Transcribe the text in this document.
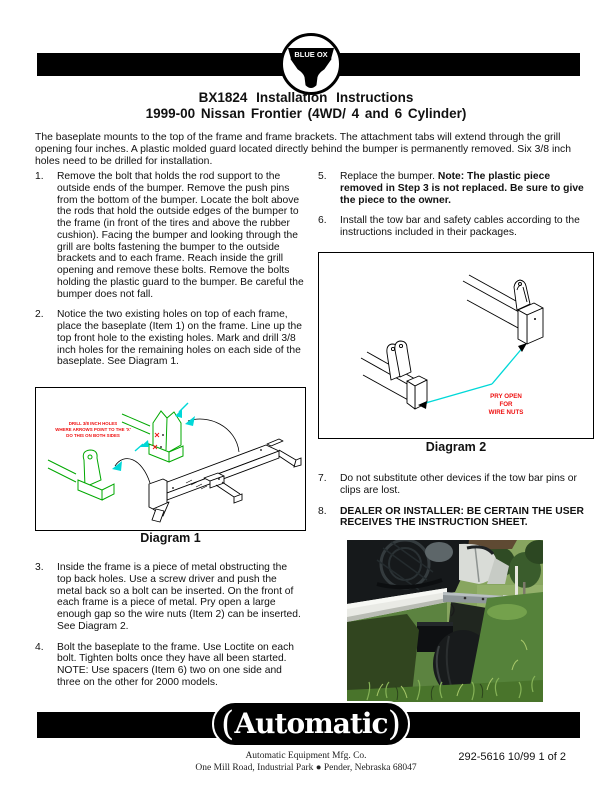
BLUE OX
BX1824 Installation Instructions
1999-00 Nissan Frontier (4WD/ 4 and 6 Cylinder)
The baseplate mounts to the top of the frame and frame brackets. The attachment tabs will extend through the grill opening four inches. A plastic molded guard located directly behind the bumper is permanently removed. Six 3/8 inch holes need to be drilled for installation.
1.	Remove the bolt that holds the rod support to the outside ends of the bumper. Remove the push pins from the bottom of the bumper. Locate the bolt above the rods that hold the outside edges of the bumper to the frame (in front of the tires and above the rubber cushion). Facing the bumper and looking through the grill are bolts fastening the bumper to the outside brackets and to each frame. Reach inside the grill opening and remove these bolts. Remove the bolts holding the plastic guard to the bumper. Be careful the bumper does not fall.
2.	Notice the two existing holes on top of each frame, place the baseplate (Item 1) on the frame. Line up the top front hole to the existing holes. Mark and drill 3/8 inch holes for the remaining holes on each side of the baseplate. See Diagram 1.
DRILL 3/8 INCH HOLES
WHERE ARROWS POINT TO THE 'X'
DO THIS ON BOTH SIDES
Diagram 1
3.	Inside the frame is a piece of metal obstructing the top back holes. Use a screw driver and push the metal back so a bolt can be inserted. On the front of each frame is a piece of metal. Pry open a large enough gap so the wire nuts (Item 2) can be inserted. See Diagram 2.
4.	Bolt the baseplate to the frame. Use Loctite on each bolt. Tighten bolts once they have all been started. NOTE: Use spacers (Item 6) two on one side and three on the other for 2000 models.
5.	Replace the bumper. Note: The plastic piece removed in Step 3 is not replaced. Be sure to give the piece to the owner.
6.	Install the tow bar and safety cables according to the instructions included in their packages.
PRY OPEN
FOR
WIRE NUTS
Diagram 2
7.	Do not substitute other devices if the tow bar pins or clips are lost.
8.	DEALER OR INSTALLER: BE CERTAIN THE USER RECEIVES THE INSTRUCTION SHEET.
( Automatic )
Automatic Equipment Mfg. Co.
One Mill Road, Industrial Park ● Pender, Nebraska 68047
292-5616 10/99 1 of 2
